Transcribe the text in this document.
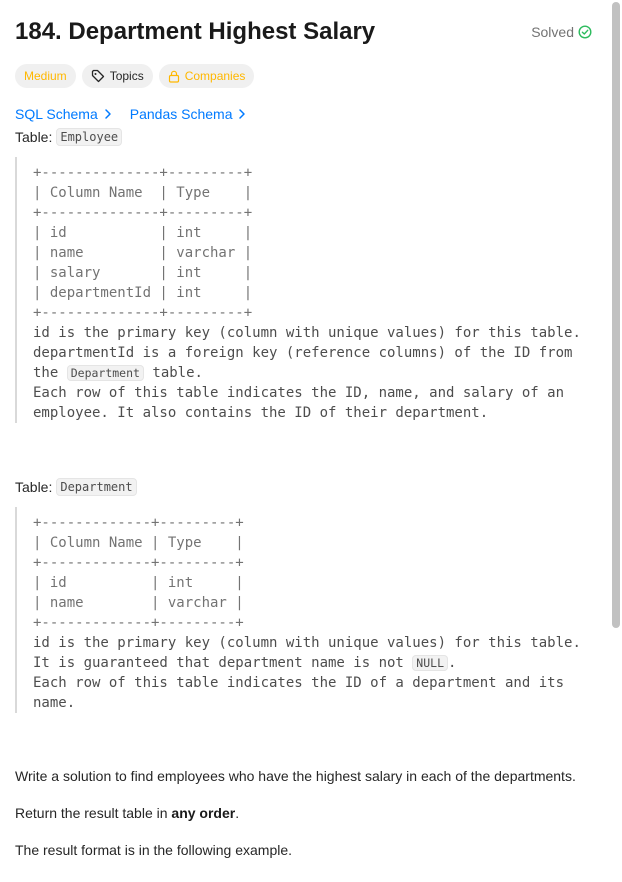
184. Department Highest Salary	Solved
Medium	Topics	Companies
SQL Schema Pandas Schema
Table: Employee
+--------------+---------+
| Column Name  | Type    |
+--------------+---------+
| id           | int     |
| name         | varchar |
| salary       | int     |
| departmentId | int     |
+--------------+---------+
id is the primary key (column with unique values) for this table.
departmentId is a foreign key (reference columns) of the ID from
the Department table.
Each row of this table indicates the ID, name, and salary of an
employee. It also contains the ID of their department.
Table: Department
+-------------+---------+
| Column Name | Type    |
+-------------+---------+
| id          | int     |
| name        | varchar |
+-------------+---------+
id is the primary key (column with unique values) for this table.
It is guaranteed that department name is not NULL .
Each row of this table indicates the ID of a department and its
name.
Write a solution to find employees who have the highest salary in each of the departments.
Return the result table in any order.
The result format is in the following example.
